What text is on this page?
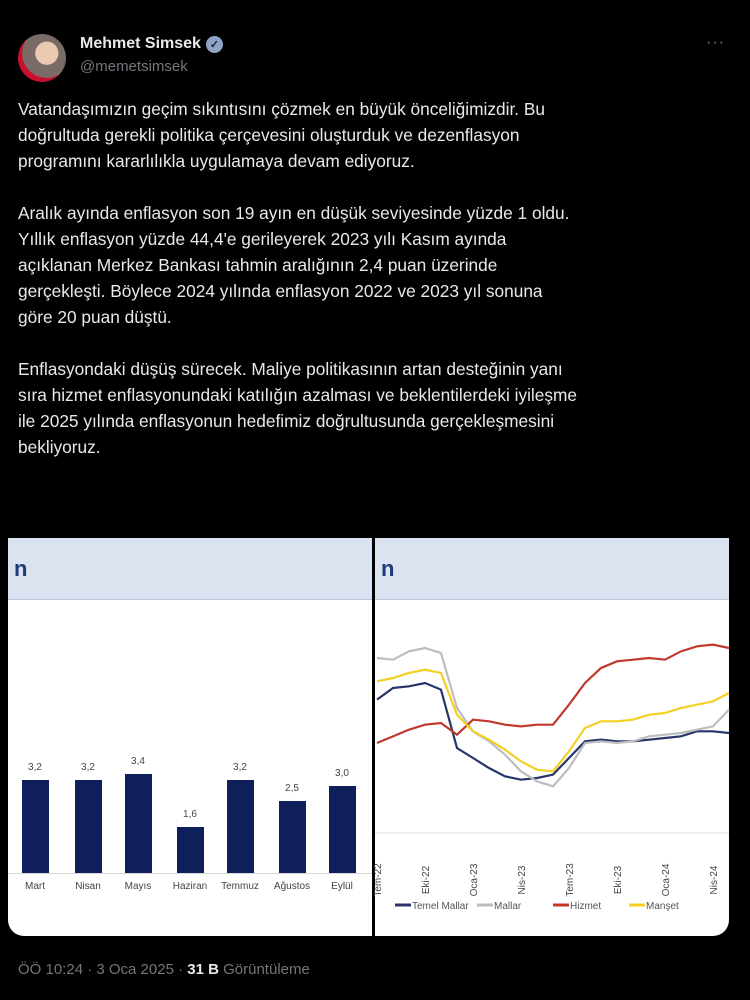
Mehmet Simsek ✓
@memetsimsek
···

Vatandaşımızın geçim sıkıntısını çözmek en büyük önceliğimizdir. Bu
doğrultuda gerekli politika çerçevesini oluşturduk ve dezenflasyon
programını kararlılıkla uygulamaya devam ediyoruz.

Aralık ayında enflasyon son 19 ayın en düşük seviyesinde yüzde 1 oldu.
Yıllık enflasyon yüzde 44,4'e gerileyerek 2023 yılı Kasım ayında
açıklanan Merkez Bankası tahmin aralığının 2,4 puan üzerinde
gerçekleşti. Böylece 2024 yılında enflasyon 2022 ve 2023 yıl sonuna
göre 20 puan düştü.

Enflasyondaki düşüş sürecek. Maliye politikasının artan desteğinin yanı
sıra hizmet enflasyonundaki katılığın azalması ve beklentilerdeki iyileşme
ile 2025 yılında enflasyonun hedefimiz doğrultusunda gerçekleşmesini
bekliyoruz.

n
3,2
Mart
3,2
Nisan
3,4
Mayıs
1,6
Haziran
3,2
Temmuz
2,5
Ağustos
3,0
Eylül
n
Tem-22	Eki-22	Oca-23	Nis-23	Tem-23	Eki-23	Oca-24	Nis-24
Temel Mallar	Mallar	Hizmet	Manşet
ÖÖ 10:24 · 3 Oca 2025 · 31 B Görüntüleme
